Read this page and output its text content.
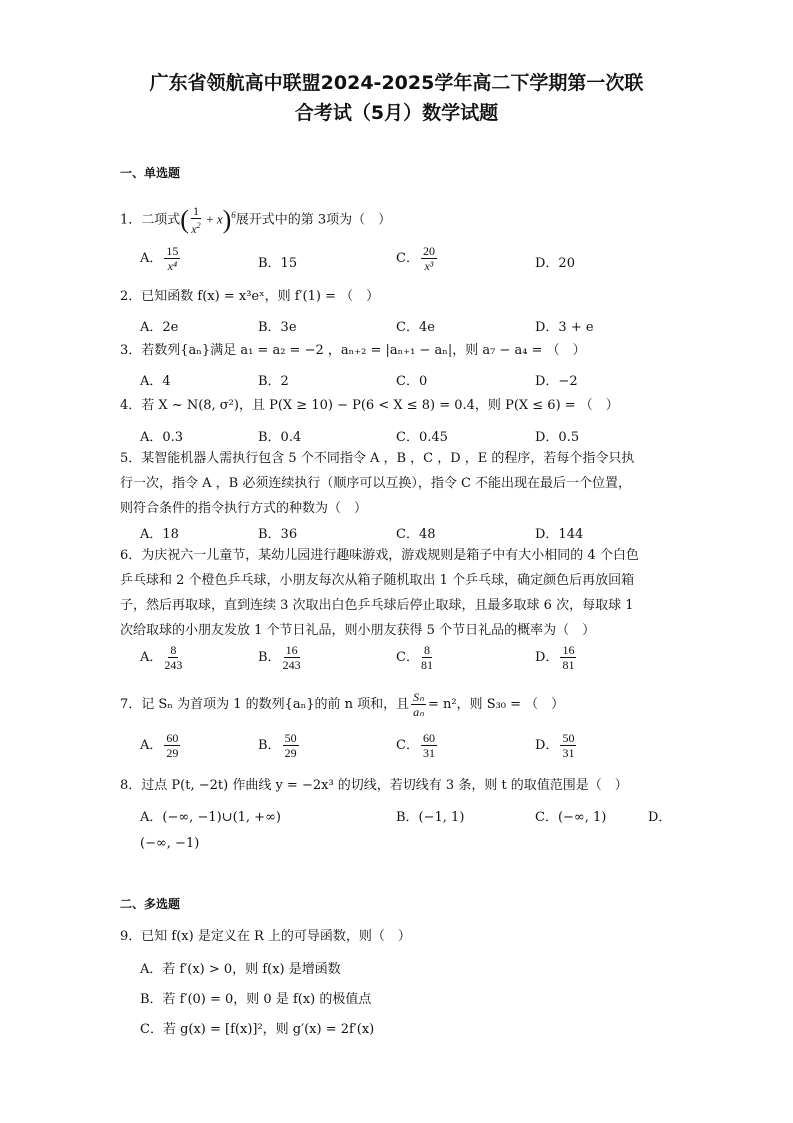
广东省领航高中联盟2024-2025学年高二下学期第一次联
合考试（5月）数学试题
一、单选题
1．二项式( $\frac{1}{x^2} + x)^6$展开式中的第 3项为（　）
A． $\frac{15}{\text{x⁴}}$	B．15	C． $\frac{20}{\text{x³}}$	D．20
2．已知函数 f(x) = x³eˣ，则 f′(1) = （　）
A．2e	B．3e	C．4e	D．3 + e
3．若数列{aₙ}满足 a₁ = a₂ = −2 ，aₙ₊₂ = |aₙ₊₁ − aₙ|，则 a₇ − a₄ = （　）
A．4	B．2	C．0	D．−2
4．若 X ~ N(8, σ²)，且 P(X ≥ 10) − P(6 < X ≤ 8) = 0.4，则 P(X ≤ 6) = （　）
A．0.3	B．0.4	C．0.45	D．0.5
5．某智能机器人需执行包含 5 个不同指令 A ，B ，C ，D ，E 的程序，若每个指令只执
行一次，指令 A ，B 必须连续执行（顺序可以互换），指令 C 不能出现在最后一个位置，
则符合条件的指令执行方式的种数为（　）
A．18	B．36	C．48	D．144
6．为庆祝六一儿童节，某幼儿园进行趣味游戏，游戏规则是箱子中有大小相同的 4 个白色
乒乓球和 2 个橙色乒乓球，小朋友每次从箱子随机取出 1 个乒乓球，确定颜色后再放回箱
子，然后再取球，直到连续 3 次取出白色乒乓球后停止取球，且最多取球 6 次，每取球 1
次给取球的小朋友发放 1 个节日礼品，则小朋友获得 5 个节日礼品的概率为（　）
A． $\frac{8}{243}$	B． $\frac{16}{243}$	C． $\frac{8}{81}$	D． $\frac{16}{81}$
7．记 Sₙ 为首项为 1 的数列{aₙ}的前 n 项和，且 $\frac{\text{Sₙ}}{\text{aₙ}} = n^2$，则 S₃₀ = （　）
A． $\frac{60}{29}$	B． $\frac{50}{29}$	C． $\frac{60}{31}$	D． $\frac{50}{31}$
8．过点 P(t, −2t) 作曲线 y = −2x³ 的切线，若切线有 3 条，则 t 的取值范围是（　）
A．(−∞, −1)∪(1, +∞)	B．(−1, 1)	C．(−∞, 1)	D．
(−∞, −1)
二、多选题
9．已知 f(x) 是定义在 R 上的可导函数，则（　）
A．若 f′(x) > 0，则 f(x) 是增函数
B．若 f′(0) = 0，则 0 是 f(x) 的极值点
C．若 g(x) = [f(x)]²，则 g′(x) = 2f′(x)
